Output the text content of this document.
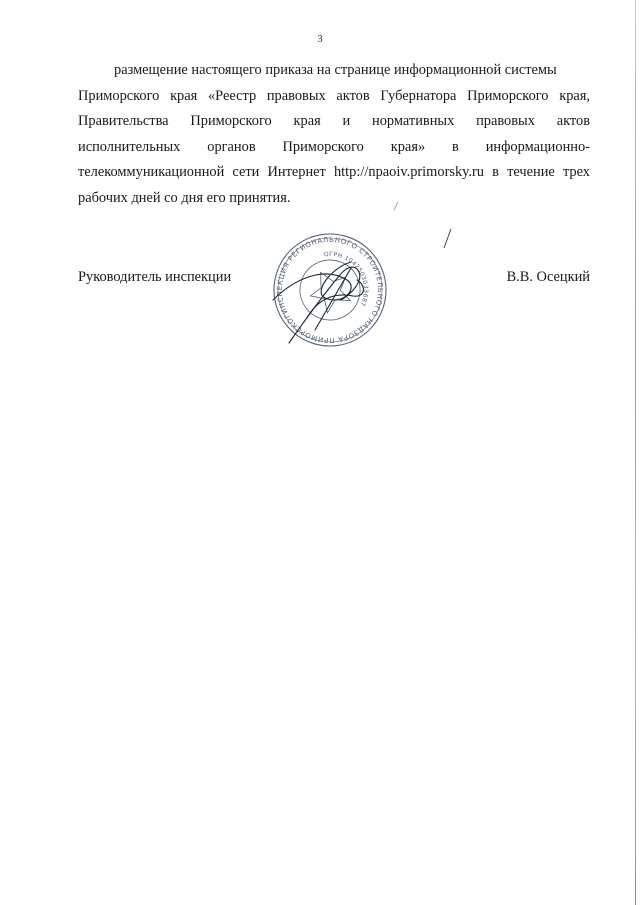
3
размещение настоящего приказа на странице информационной системы
Приморского края «Реестр правовых актов Губернатора Приморского края,
Правительства Приморского края и нормативных правовых актов
исполнительных органов Приморского края» в информационно-
телекоммуникационной сети Интернет http://npaoiv.primorsky.ru в течение трех
рабочих дней со дня его принятия.
Руководитель инспекции	В.В. Осецкий
ИНСПЕКЦИЯ РЕГИОНАЛЬНОГО СТРОИТЕЛЬНОГО НАДЗОРА ПРИМОРСКОГО
ОГРН 1042503033687
